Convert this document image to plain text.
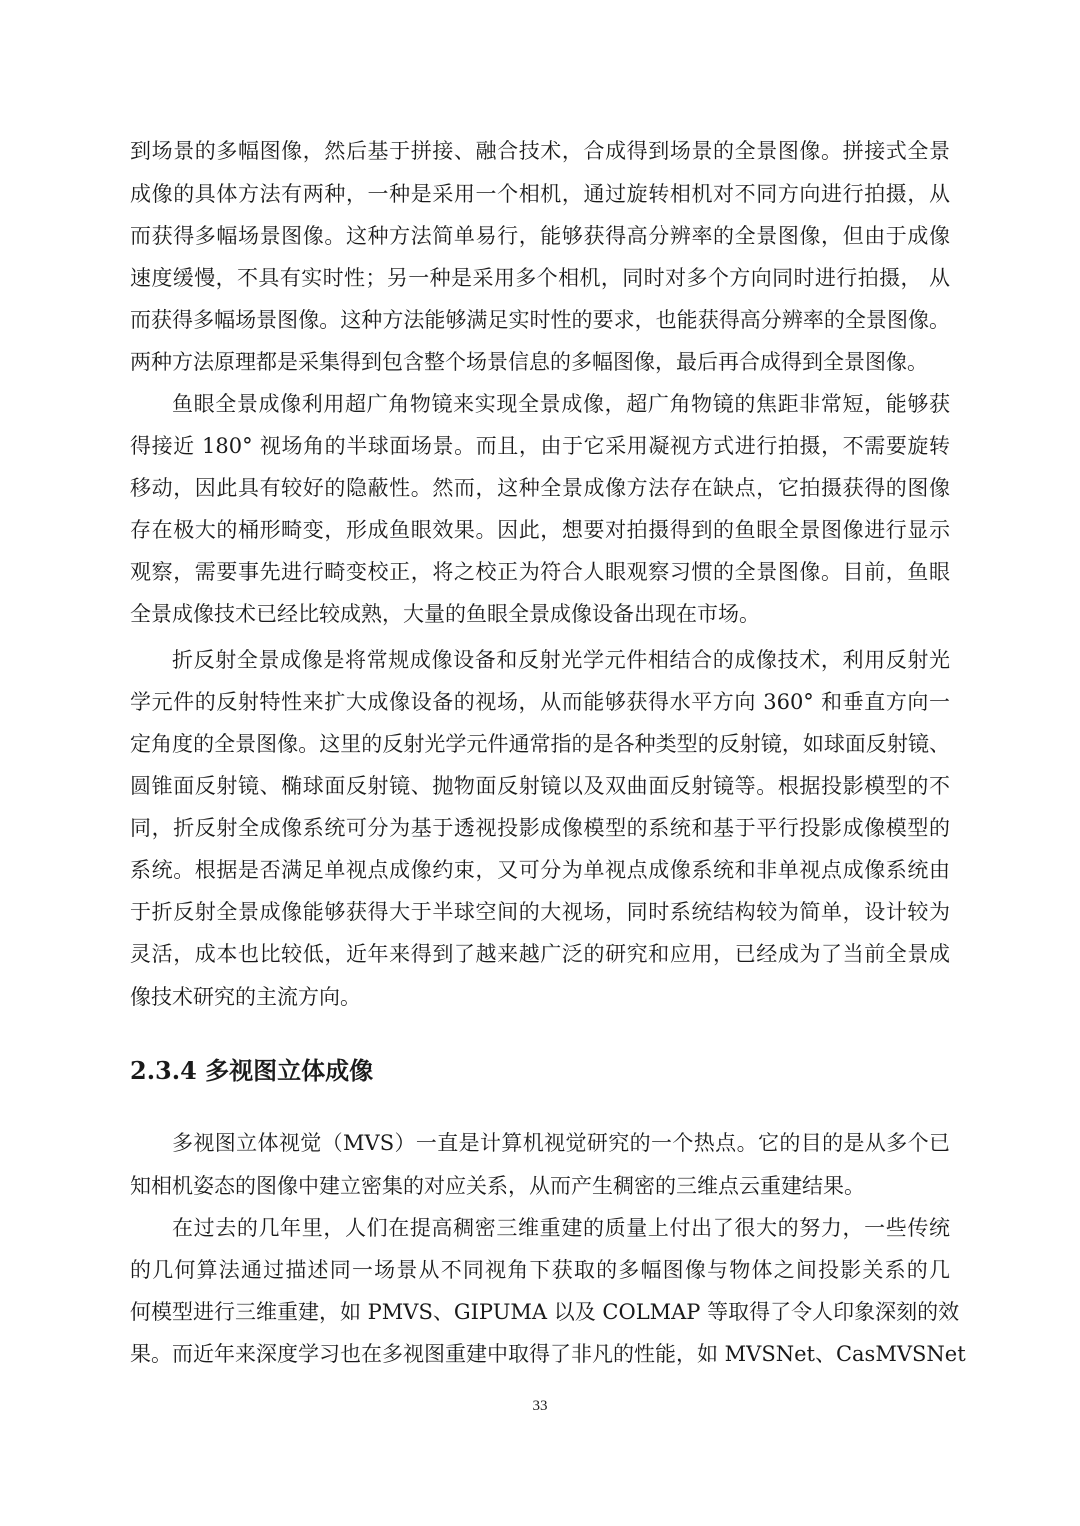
到场景的多幅图像，然后基于拼接、融合技术，合成得到场景的全景图像。拼接式全景
成像的具体方法有两种，一种是采用一个相机，通过旋转相机对不同方向进行拍摄，从
而获得多幅场景图像。这种方法简单易行，能够获得高分辨率的全景图像，但由于成像
速度缓慢，不具有实时性；另一种是采用多个相机，同时对多个方向同时进行拍摄， 从
而获得多幅场景图像。这种方法能够满足实时性的要求，也能获得高分辨率的全景图像。
两种方法原理都是采集得到包含整个场景信息的多幅图像，最后再合成得到全景图像。
鱼眼全景成像利用超广角物镜来实现全景成像，超广角物镜的焦距非常短，能够获
得接近 180° 视场角的半球面场景。而且，由于它采用凝视方式进行拍摄，不需要旋转
移动，因此具有较好的隐蔽性。然而，这种全景成像方法存在缺点，它拍摄获得的图像
存在极大的桶形畸变，形成鱼眼效果。因此，想要对拍摄得到的鱼眼全景图像进行显示
观察，需要事先进行畸变校正，将之校正为符合人眼观察习惯的全景图像。目前，鱼眼
全景成像技术已经比较成熟，大量的鱼眼全景成像设备出现在市场。
折反射全景成像是将常规成像设备和反射光学元件相结合的成像技术，利用反射光
学元件的反射特性来扩大成像设备的视场，从而能够获得水平方向 360° 和垂直方向一
定角度的全景图像。这里的反射光学元件通常指的是各种类型的反射镜，如球面反射镜、
圆锥面反射镜、椭球面反射镜、抛物面反射镜以及双曲面反射镜等。根据投影模型的不
同，折反射全成像系统可分为基于透视投影成像模型的系统和基于平行投影成像模型的
系统。根据是否满足单视点成像约束，又可分为单视点成像系统和非单视点成像系统由
于折反射全景成像能够获得大于半球空间的大视场，同时系统结构较为简单，设计较为
灵活，成本也比较低，近年来得到了越来越广泛的研究和应用，已经成为了当前全景成
像技术研究的主流方向。
2.3.4 多视图立体成像
多视图立体视觉（MVS）一直是计算机视觉研究的一个热点。它的目的是从多个已
知相机姿态的图像中建立密集的对应关系，从而产生稠密的三维点云重建结果。
在过去的几年里，人们在提高稠密三维重建的质量上付出了很大的努力，一些传统
的几何算法通过描述同一场景从不同视角下获取的多幅图像与物体之间投影关系的几
何模型进行三维重建，如 PMVS、GIPUMA 以及 COLMAP 等取得了令人印象深刻的效
果。而近年来深度学习也在多视图重建中取得了非凡的性能，如 MVSNet、CasMVSNet
33
